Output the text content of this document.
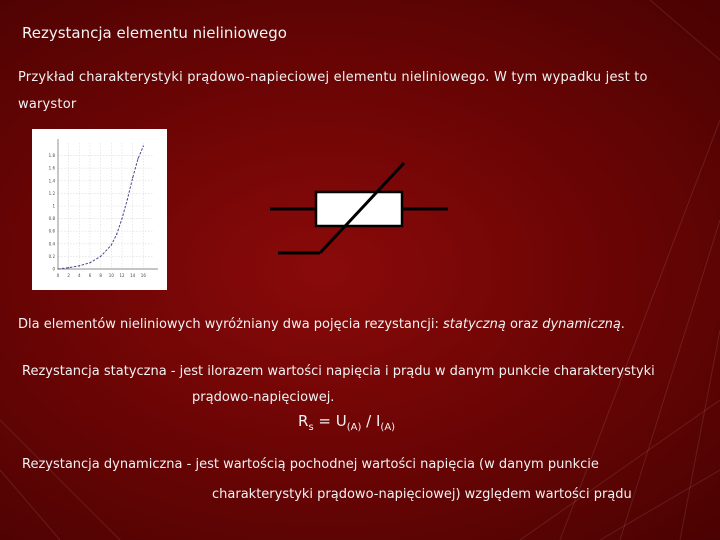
Rezystancja elementu nieliniowego
Przykład charakterystyki prądowo-napieciowej elementu nieliniowego. W tym wypadku jest to warystor
0 2 4 6 8 10 12 14 16
0
0.2
0.4
0.6
0.8
1
1.2
1.4
1.6
1.8
Dla elementów nieliniowych wyróżniany dwa pojęcia rezystancji: statyczną oraz dynamiczną.
Rezystancja statyczna - jest ilorazem wartości napięcia i prądu w danym punkcie charakterystyki
prądowo-napięciowej.
$R_s = U_{(A)} / I_{(A)}$
Rezystancja dynamiczna - jest wartością pochodnej wartości napięcia (w danym punkcie
charakterystyki prądowo-napięciowej) względem wartości prądu
